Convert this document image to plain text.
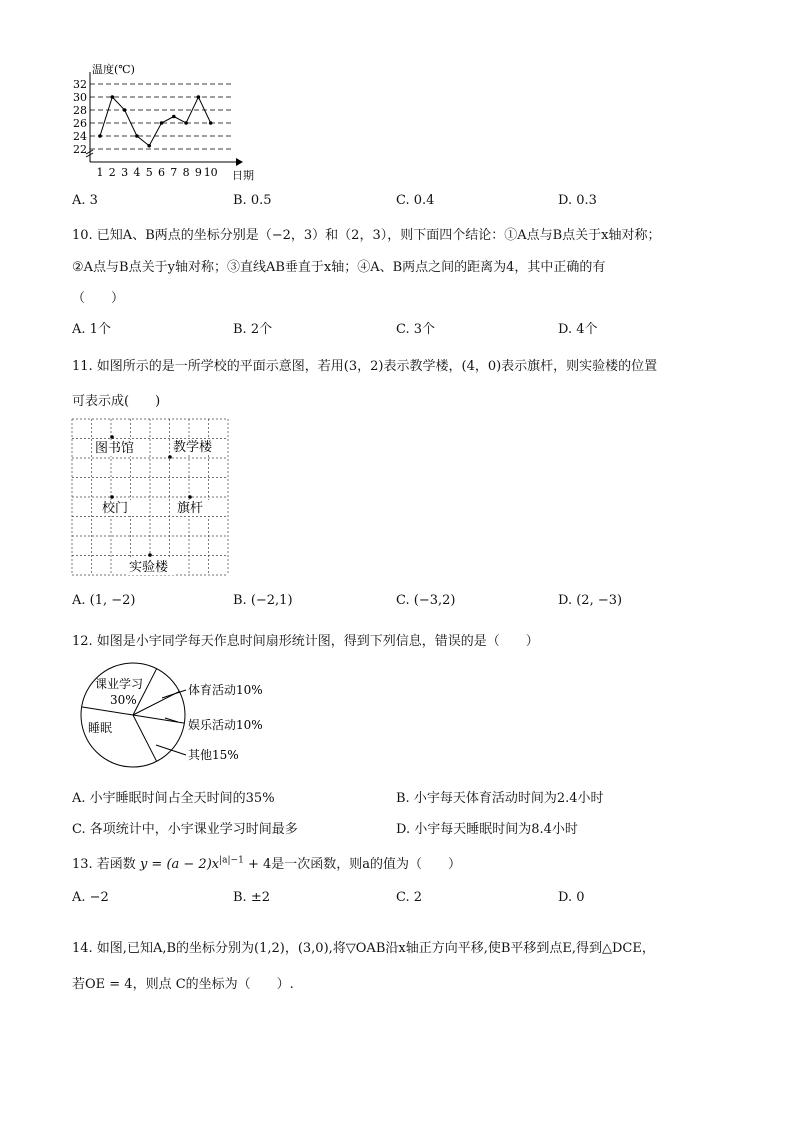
温度(℃)
日期
32
30
28
26
24
22
1 2 3 4 5 6 7 8 9 10
A. 3	B. 0.5	C. 0.4	D. 0.3
10. 已知A、B两点的坐标分别是（−2，3）和（2，3），则下面四个结论：①A点与B点关于x轴对称；
②A点与B点关于y轴对称；③直线AB垂直于x轴；④A、B两点之间的距离为4，其中正确的有
（　　）
A. 1个	B. 2个	C. 3个	D. 4个
11. 如图所示的是一所学校的平面示意图，若用(3，2)表示教学楼，(4，0)表示旗杆，则实验楼的位置
可表示成(　　)
图书馆	教学楼
校门	旗杆
实验楼
A. (1, −2)	B. (−2,1)	C. (−3,2)	D. (2, −3)
12. 如图是小宇同学每天作息时间扇形统计图，得到下列信息，错误的是（　　）
课业学习
30%
睡眠
体育活动10%
娱乐活动10%
其他15%
A. 小宇睡眠时间占全天时间的35%	B. 小宇每天体育活动时间为2.4小时
C. 各项统计中，小宇课业学习时间最多	D. 小宇每天睡眠时间为8.4小时
13. 若函数 $y = (a - 2)x^{|a|-1} + 4$是一次函数，则a的值为（　　）
A. −2	B. ±2	C. 2	D. 0
14. 如图,已知A,B的坐标分别为(1,2)，(3,0),将▽OAB沿x轴正方向平移,使B平移到点E,得到△DCE，
若OE = 4，则点 C的坐标为（　　）.
